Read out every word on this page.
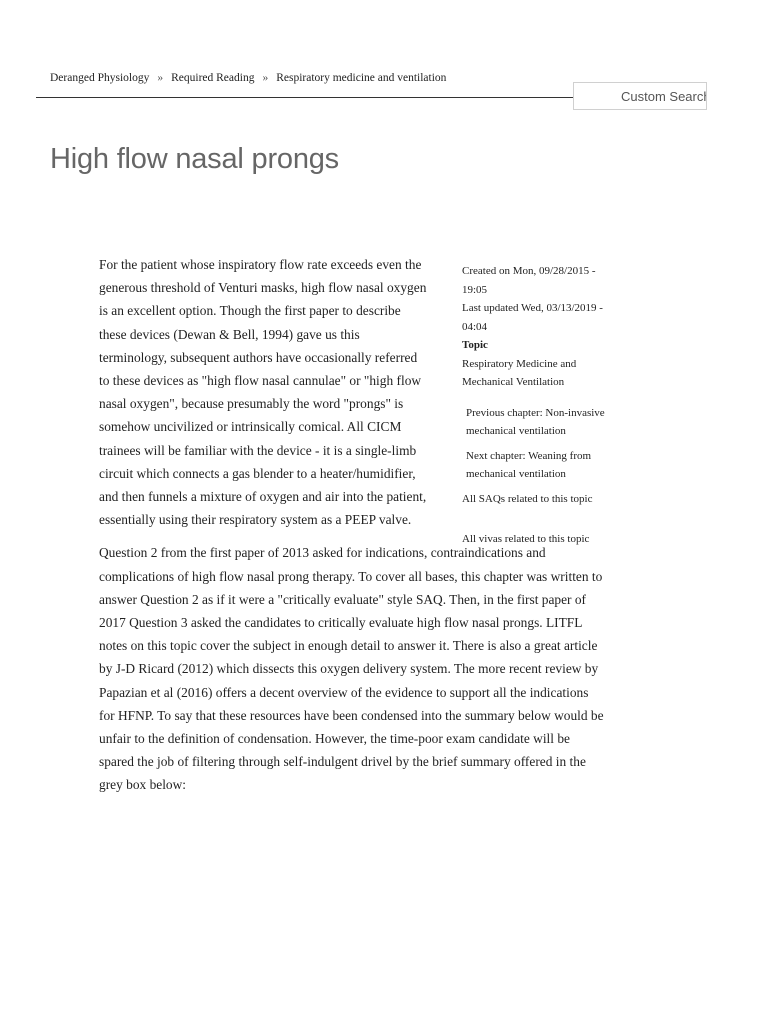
Deranged Physiology » Required Reading » Respiratory medicine and ventilation
Custom Search
High flow nasal prongs

For the patient whose inspiratory flow rate exceeds even the generous threshold of Venturi masks, high flow nasal oxygen is an excellent option. Though the first paper to describe these devices (Dewan & Bell, 1994) gave us this terminology, subsequent authors have occasionally referred to these devices as "high flow nasal cannulae" or "high flow nasal oxygen", because presumably the word "prongs" is somehow uncivilized or intrinsically comical. All CICM trainees will be familiar with the device - it is a single-limb circuit which connects a gas blender to a heater/humidifier, and then funnels a mixture of oxygen and air into the patient, essentially using their respiratory system as a PEEP valve.

Question 2 from the first paper of 2013 asked for indications, contraindications and complications of high flow nasal prong therapy. To cover all bases, this chapter was written to answer Question 2 as if it were a "critically evaluate" style SAQ. Then, in the first paper of 2017 Question 3 asked the candidates to critically evaluate high flow nasal prongs. LITFL notes on this topic cover the subject in enough detail to answer it. There is also a great article by J-D Ricard (2012) which dissects this oxygen delivery system. The more recent review by Papazian et al (2016) offers a decent overview of the evidence to support all the indications for HFNP. To say that these resources have been condensed into the summary below would be unfair to the definition of condensation. However, the time-poor exam candidate will be spared the job of filtering through self-indulgent drivel by the brief summary offered in the grey box below:

Created on Mon, 09/28/2015 - 19:05
Last updated Wed, 03/13/2019 - 04:04
Topic
Respiratory Medicine and Mechanical Ventilation
Previous chapter: Non-invasive mechanical ventilation
Next chapter: Weaning from mechanical ventilation
All SAQs related to this topic
All vivas related to this topic
